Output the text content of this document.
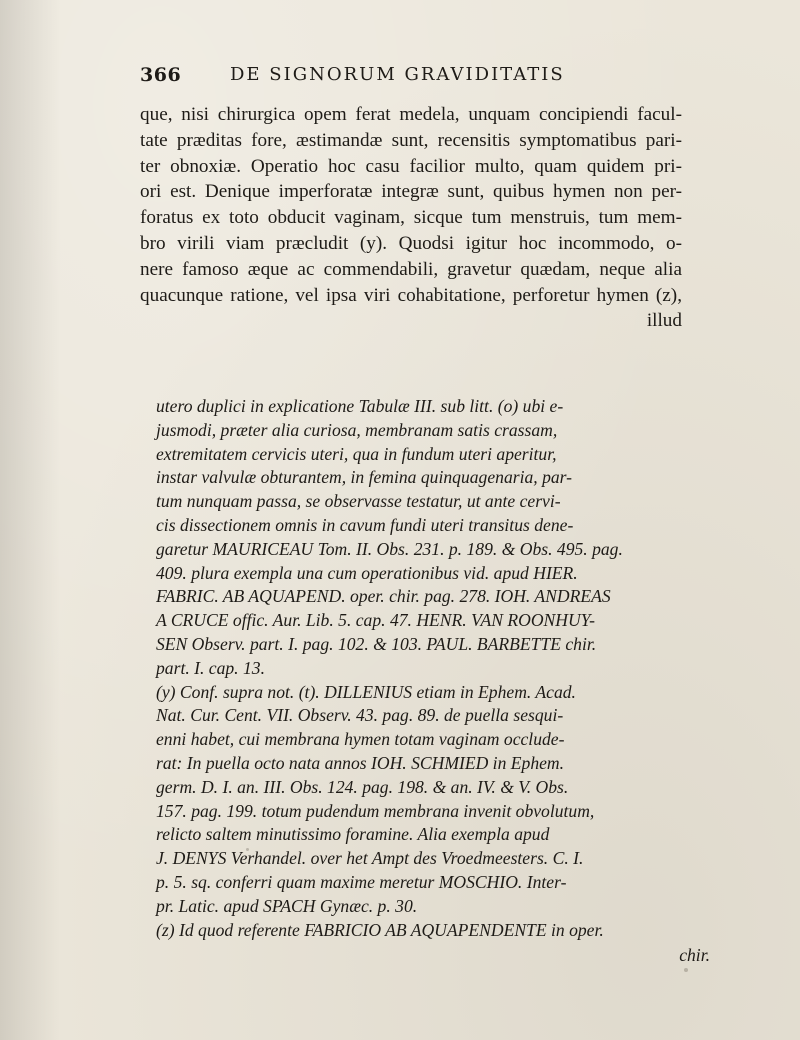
366	DE SIGNORUM GRAVIDITATIS
que, nisi chirurgica opem ferat medela, unquam concipiendi facul-
tate præditas fore, æstimandæ sunt, recensitis symptomatibus pari-
ter obnoxiæ. Operatio hoc casu facilior multo, quam quidem pri-
ori est. Denique imperforatæ integræ sunt, quibus hymen non per-
foratus ex toto obducit vaginam, sicque tum menstruis, tum mem-
bro virili viam præcludit (y). Quodsi igitur hoc incommodo, o-
nere famoso æque ac commendabili, gravetur quædam, neque alia
quacunque ratione, vel ipsa viri cohabitatione, perforetur hymen (z),
illud
utero duplici in explicatione Tabulæ III. sub litt. (o) ubi e-
jusmodi, præter alia curiosa, membranam satis crassam,
extremitatem cervicis uteri, qua in fundum uteri aperitur,
instar valvulæ obturantem, in femina quinquagenaria, par-
tum nunquam passa, se observasse testatur, ut ante cervi-
cis dissectionem omnis in cavum fundi uteri transitus dene-
garetur MAURICEAU Tom. II. Obs. 231. p. 189. & Obs. 495. pag.
409. plura exempla una cum operationibus vid. apud HIER.
FABRIC. AB AQUAPEND. oper. chir. pag. 278. IOH. ANDREAS
A CRUCE offic. Aur. Lib. 5. cap. 47. HENR. VAN ROONHUY-
SEN Observ. part. I. pag. 102. & 103. PAUL. BARBETTE chir.
part. I. cap. 13.
(y) Conf. supra not. (t). DILLENIUS etiam in Ephem. Acad.
Nat. Cur. Cent. VII. Observ. 43. pag. 89. de puella sesqui-
enni habet, cui membrana hymen totam vaginam occlude-
rat: In puella octo nata annos IOH. SCHMIED in Ephem.
germ. D. I. an. III. Obs. 124. pag. 198. & an. IV. & V. Obs.
157. pag. 199. totum pudendum membrana invenit obvolutum,
relicto saltem minutissimo foramine. Alia exempla apud
J. DENYS Verhandel. over het Ampt des Vroedmeesters. C. I.
p. 5. sq. conferri quam maxime meretur MOSCHIO. Inter-
pr. Latic. apud SPACH Gynæc. p. 30.
(z) Id quod referente FABRICIO AB AQUAPENDENTE in oper.
chir.
